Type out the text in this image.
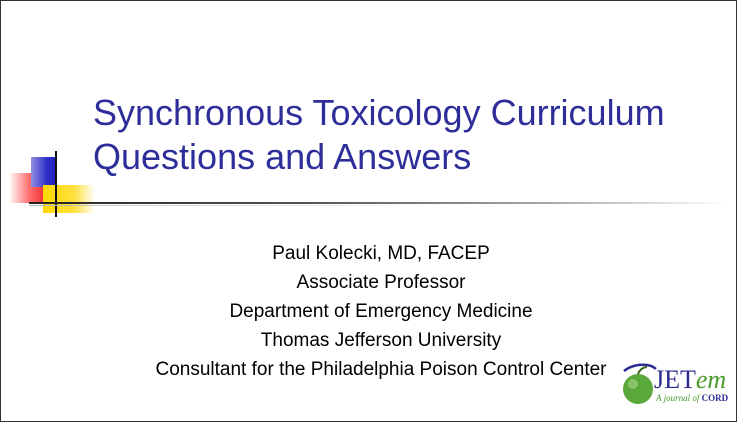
Synchronous Toxicology Curriculum
Questions and Answers
Paul Kolecki, MD, FACEP
Associate Professor
Department of Emergency Medicine
Thomas Jefferson University
Consultant for the Philadelphia Poison Control Center	JETem
A journal of CORD
